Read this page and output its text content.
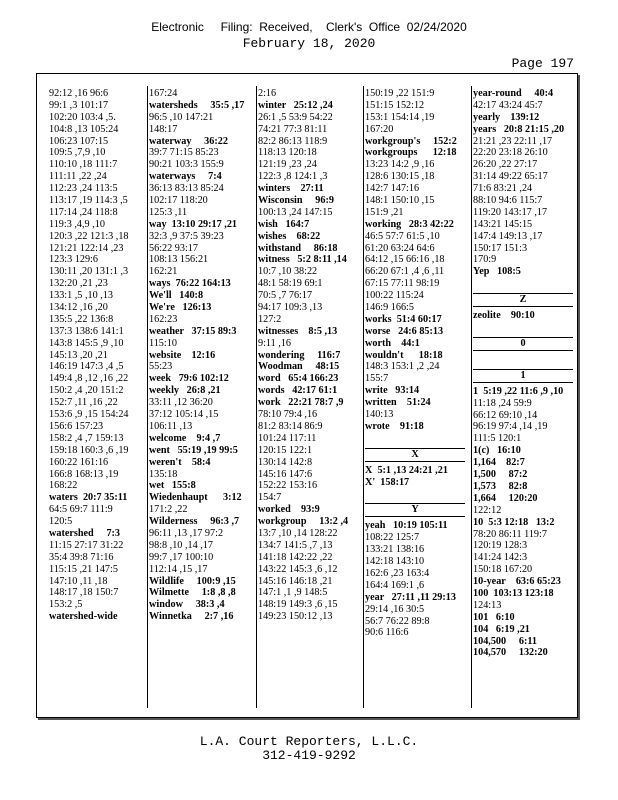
Electronic     Filing:  Received,    Clerk's  Office  02/24/2020
February 18, 2020
Page 197
92:12 ,16 96:6
99:1 ,3 101:17
102:20 103:4 ,5.
104:8 ,13 105:24
106:23 107:15
109:5 ,7,9 ,10
110:10 ,18 111:7
111:11 ,22 ,24
112:23 ,24 113:5
113:17 ,19 114:3 ,5
117:14 ,24 118:8
119:3 ,4,9 ,10
120:3 ,22 121:3 ,18
121:21 122:14 ,23
123:3 129:6
130:11 ,20 131:1 ,3
132:20 ,21 ,23
133:1 ,5 ,10 ,13
134:12 ,16 ,20
135:5 ,22 136:8
137:3 138:6 141:1
143:8 145:5 ,9 ,10
145:13 ,20 ,21
146:19 147:3 ,4 ,5
149:4 ,8 ,12 ,16 ,22
150:2 ,4 ,20 151:2
152:7 ,11 ,16 ,22
153:6 ,9 ,15 154:24
156:6 157:23
158:2 ,4 ,7 159:13
159:18 160:3 ,6 ,19
160:22 161:16
166:8 168:13 ,19
168:22
waters  20:7 35:11
64:5 69:7 111:9
120:5
watershed     7:3
11:15 27:17 31:22
35:4 39:8 71:16
115:15 ,21 147:5
147:10 ,11 ,18
148:17 ,18 150:7
153:2 ,5
watershed-wide
167:24
watersheds     35:5 ,17
96:5 ,10 147:21
148:17
waterway     36:22
39:7 71:15 85:23
90:21 103:3 155:9
waterways     7:4
36:13 83:13 85:24
102:17 118:20
125:3 ,11
way  13:10 29:17 ,21
32:3 ,9 37:5 39:23
56:22 93:17
108:13 156:21
162:21
ways  76:22 164:13
We'll   140:8
We're   126:13
162:23
weather   37:15 89:3
115:10
website    12:16
55:23
week   79:6 102:12
weekly   26:8 ,21
33:11 ,12 36:20
37:12 105:14 ,15
106:11 ,13
welcome    9:4 ,7
went   55:19 ,19 99:5
weren't    58:4
135:18
wet   155:8
Wiedenhaupt      3:12
171:2 ,22
Wilderness     96:3 ,7
96:11 ,13 ,17 97:2
98:8 ,10 ,14 ,17
99:7 ,17 100:10
112:14 ,15 ,17
Wildlife     100:9 ,15
Wilmette     1:8 ,8 ,8
window     38:3 ,4
Winnetka     2:7 ,16
2:16
winter   25:12 ,24
26:1 ,5 53:9 54:22
74:21 77:3 81:11
82:2 86:13 118:9
118:13 120:18
121:19 ,23 ,24
122:3 ,8 124:1 ,3
winters    27:11
Wisconsin     96:9
100:13 ,24 147:15
wish   164:7
wishes    68:22
withstand     86:18
witness   5:2 8:11 ,14
10:7 ,10 38:22
48:1 58:19 69:1
70:5 ,7 76:17
94:17 109:3 ,13
127:2
witnesses    8:5 ,13
9:11 ,16
wondering     116:7
Woodman     48:15
word   65:4 166:23
words   42:17 61:1
work   22:21 78:7 ,9
78:10 79:4 ,16
81:2 83:14 86:9
101:24 117:11
120:15 122:1
130:14 142:8
145:16 147:6
152:22 153:16
154:7
worked    93:9
workgroup     13:2 ,4
13:7 ,10 ,14 128:22
134:7 141:5 ,7 ,13
141:18 142:22 ,22
143:22 145:3 ,6 ,12
145:16 146:18 ,21
147:1 ,1 ,9 148:5
148:19 149:3 ,6 ,15
149:23 150:12 ,13
150:19 ,22 151:9
151:15 152:12
153:1 154:14 ,19
167:20
workgroup's     152:2
workgroups      12:18
13:23 14:2 ,9 ,16
128:6 130:15 ,18
142:7 147:16
148:1 150:10 ,15
151:9 ,21
working   28:3 42:22
46:5 57:7 61:5 ,10
61:20 63:24 64:6
64:12 ,15 66:16 ,18
66:20 67:1 ,4 ,6 ,11
67:15 77:11 98:19
100:22 115:24
146:9 166:5
works  51:4 60:17
worse   24:6 85:13
worth    44:1
wouldn't      18:18
148:3 153:1 ,2 ,24
155:7
write   93:14
written    51:24
140:13
wrote    91:18
X
X  5:1 ,13 24:21 ,21
X'  158:17
Y
yeah   10:19 105:11
108:22 125:7
133:21 138:16
142:18 143:10
162:6 ,23 163:4
164:4 169:1 ,6
year   27:11 ,11 29:13
29:14 ,16 30:5
56:7 76:22 89:8
90:6 116:6
year-round     40:4
42:17 43:24 45:7
yearly    139:12
years   20:8 21:15 ,20
21:21 ,23 22:11 ,17
22:20 23:18 26:10
26:20 ,22 27:17
31:14 49:22 65:17
71:6 83:21 ,24
88:10 94:6 115:7
119:20 143:17 ,17
143:21 145:15
147:4 149:13 ,17
150:17 151:3
170:9
Yep   108:5
Z
zeolite    90:10
0
1
1  5:19 ,22 11:6 ,9 ,10
11:18 ,24 59:9
66:12 69:10 ,14
96:19 97:4 ,14 ,19
111:5 120:1
1(c)   16:10
1,164    82:7
1,500     87:2
1,573     82:8
1,664     120:20
122:12
10  5:3 12:18   13:2
78:20 86:11 119:7
120:19 128:3
141:24 142:3
150:18 167:20
10-year    63:6 65:23
100  103:13 123:18
124:13
101   6:10
104   6:19 ,21
104,500     6:11
104,570     132:20
L.A. Court Reporters, L.L.C.
312-419-9292
